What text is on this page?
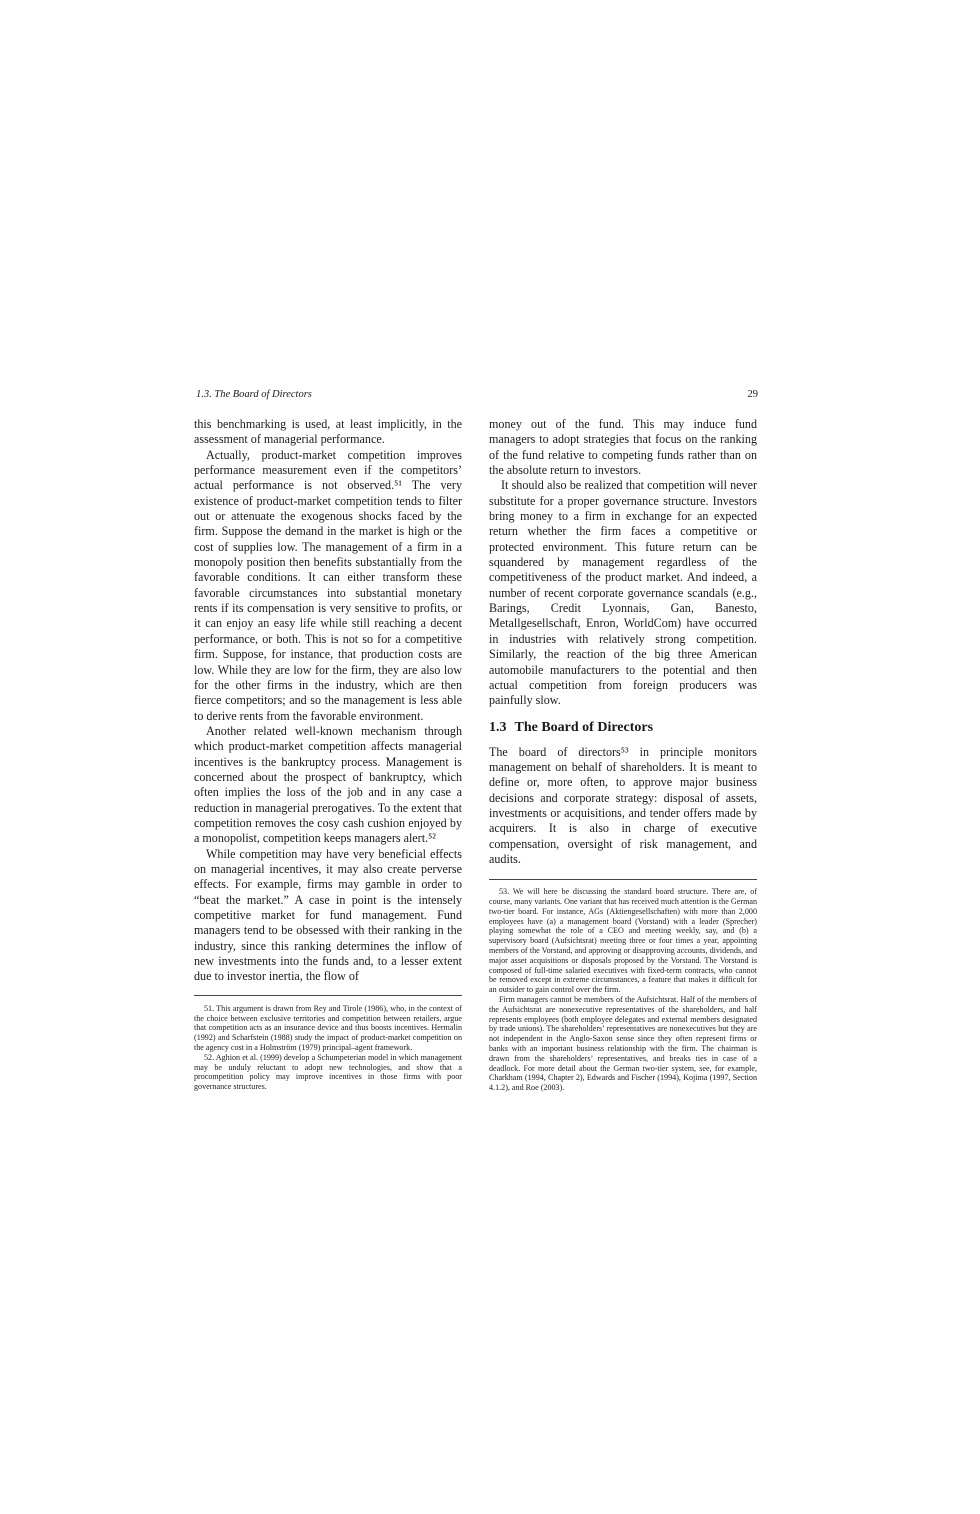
1.3. The Board of Directors	29

this benchmarking is used, at least implicitly, in the assessment of managerial performance.

Actually, product-market competition improves performance measurement even if the competitors’ actual performance is not observed.⁵¹ The very existence of product-market competition tends to filter out or attenuate the exogenous shocks faced by the firm. Suppose the demand in the market is high or the cost of supplies low. The management of a firm in a monopoly position then benefits substantially from the favorable conditions. It can either transform these favorable circumstances into substantial monetary rents if its compensation is very sensitive to profits, or it can enjoy an easy life while still reaching a decent performance, or both. This is not so for a competitive firm. Suppose, for instance, that production costs are low. While they are low for the firm, they are also low for the other firms in the industry, which are then fierce competitors; and so the management is less able to derive rents from the favorable environment.

Another related well-known mechanism through which product-market competition affects managerial incentives is the bankruptcy process. Management is concerned about the prospect of bankruptcy, which often implies the loss of the job and in any case a reduction in managerial prerogatives. To the extent that competition removes the cosy cash cushion enjoyed by a monopolist, competition keeps managers alert.⁵²

While competition may have very beneficial effects on managerial incentives, it may also create perverse effects. For example, firms may gamble in order to “beat the market.” A case in point is the intensely competitive market for fund management. Fund managers tend to be obsessed with their ranking in the industry, since this ranking determines the inflow of new investments into the funds and, to a lesser extent due to investor inertia, the flow of

51. This argument is drawn from Rey and Tirole (1986), who, in the context of the choice between exclusive territories and competition between retailers, argue that competition acts as an insurance device and thus boosts incentives. Hermalin (1992) and Scharfstein (1988) study the impact of product-market competition on the agency cost in a Holmström (1979) principal–agent framework.

52. Aghion et al. (1999) develop a Schumpeterian model in which management may be unduly reluctant to adopt new technologies, and show that a procompetition policy may improve incentives in those firms with poor governance structures.

money out of the fund. This may induce fund managers to adopt strategies that focus on the ranking of the fund relative to competing funds rather than on the absolute return to investors.

It should also be realized that competition will never substitute for a proper governance structure. Investors bring money to a firm in exchange for an expected return whether the firm faces a competitive or protected environment. This future return can be squandered by management regardless of the competitiveness of the product market. And indeed, a number of recent corporate governance scandals (e.g., Barings, Credit Lyonnais, Gan, Banesto, Metallgesellschaft, Enron, WorldCom) have occurred in industries with relatively strong competition. Similarly, the reaction of the big three American automobile manufacturers to the potential and then actual competition from foreign producers was painfully slow.

1.3 The Board of Directors

The board of directors⁵³ in principle monitors management on behalf of shareholders. It is meant to define or, more often, to approve major business decisions and corporate strategy: disposal of assets, investments or acquisitions, and tender offers made by acquirers. It is also in charge of executive compensation, oversight of risk management, and audits.

53. We will here be discussing the standard board structure. There are, of course, many variants. One variant that has received much attention is the German two-tier board. For instance, AGs (Aktiengesellschaften) with more than 2,000 employees have (a) a management board (Vorstand) with a leader (Sprecher) playing somewhat the role of a CEO and meeting weekly, say, and (b) a supervisory board (Aufsichtsrat) meeting three or four times a year, appointing members of the Vorstand, and approving or disapproving accounts, dividends, and major asset acquisitions or disposals proposed by the Vorstand. The Vorstand is composed of full-time salaried executives with fixed-term contracts, who cannot be removed except in extreme circumstances, a feature that makes it difficult for an outsider to gain control over the firm.

Firm managers cannot be members of the Aufsichtsrat. Half of the members of the Aufsichtsrat are nonexecutive representatives of the shareholders, and half represents employees (both employee delegates and external members designated by trade unions). The shareholders’ representatives are nonexecutives but they are not independent in the Anglo-Saxon sense since they often represent firms or banks with an important business relationship with the firm. The chairman is drawn from the shareholders’ representatives, and breaks ties in case of a deadlock. For more detail about the German two-tier system, see, for example, Charkham (1994, Chapter 2), Edwards and Fischer (1994), Kojima (1997, Section 4.1.2), and Roe (2003).
